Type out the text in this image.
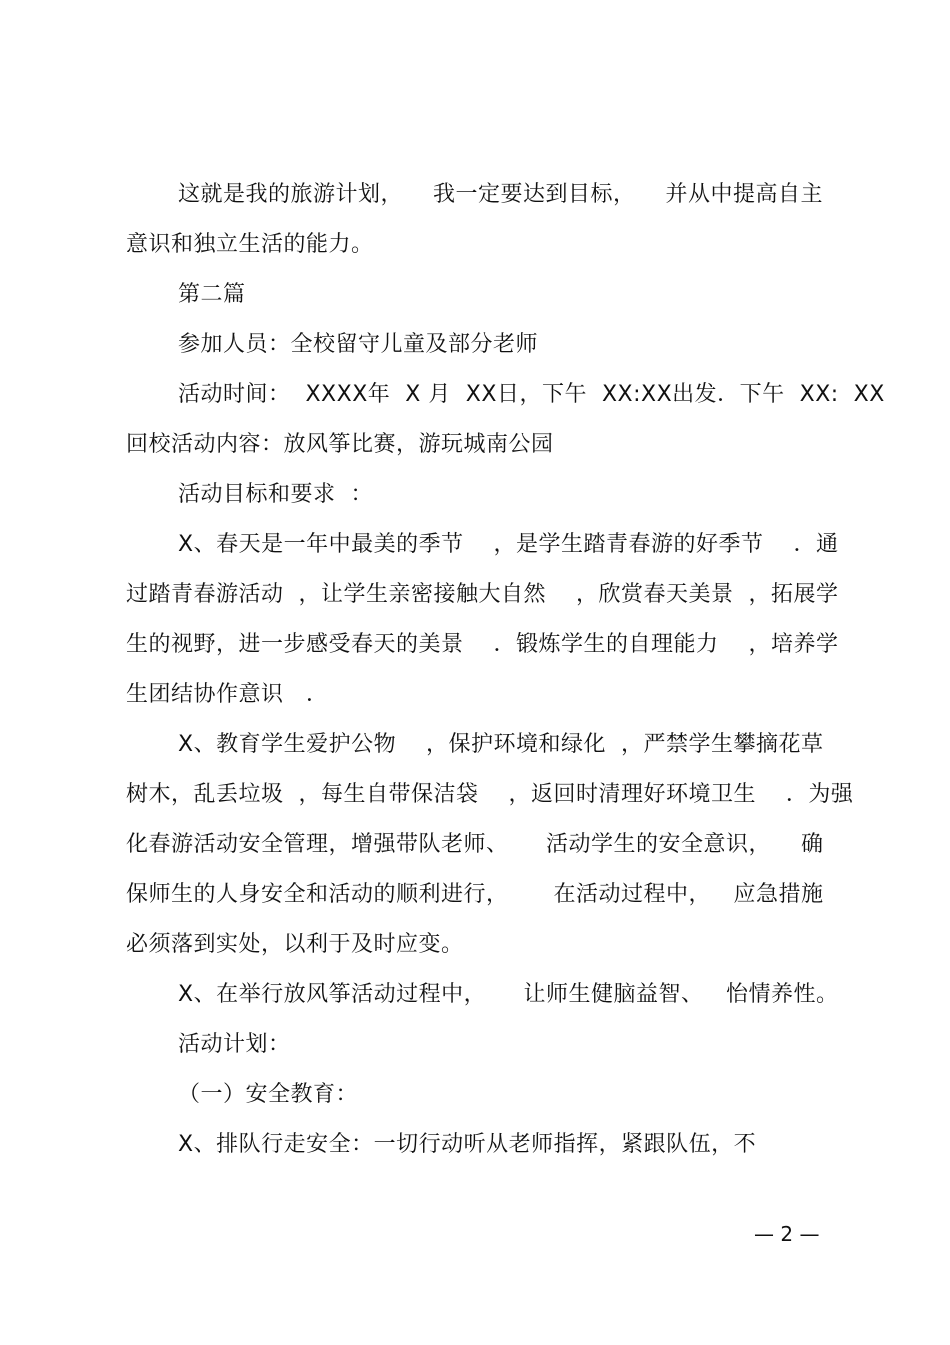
这就是我的旅游计划，    我一定要达到目标，    并从中提高自主
意识和独立生活的能力。
第二篇
参加人员：全校留守儿童及部分老师
活动时间：  XXXX年  X 月  XX日，下午  XX:XX出发．下午  XX:  XX
回校活动内容：放风筝比赛，游玩城南公园
活动目标和要求  ：
X、春天是一年中最美的季节    ，是学生踏青春游的好季节    ．通
过踏青春游活动  ，让学生亲密接触大自然    ，欣赏春天美景  ，拓展学
生的视野，进一步感受春天的美景    ．锻炼学生的自理能力    ，培养学
生团结协作意识   ．
X、教育学生爱护公物    ，保护环境和绿化  ，严禁学生攀摘花草
树木，乱丢垃圾  ，每生自带保洁袋    ，返回时清理好环境卫生    ．为强
化春游活动安全管理，增强带队老师、     活动学生的安全意识，    确
保师生的人身安全和活动的顺利进行，      在活动过程中，   应急措施
必须落到实处，以利于及时应变。
X、在举行放风筝活动过程中，     让师生健脑益智、   怡情养性。
活动计划：
（一）安全教育：
X、排队行走安全：一切行动听从老师指挥，紧跟队伍，不
— 2 —
